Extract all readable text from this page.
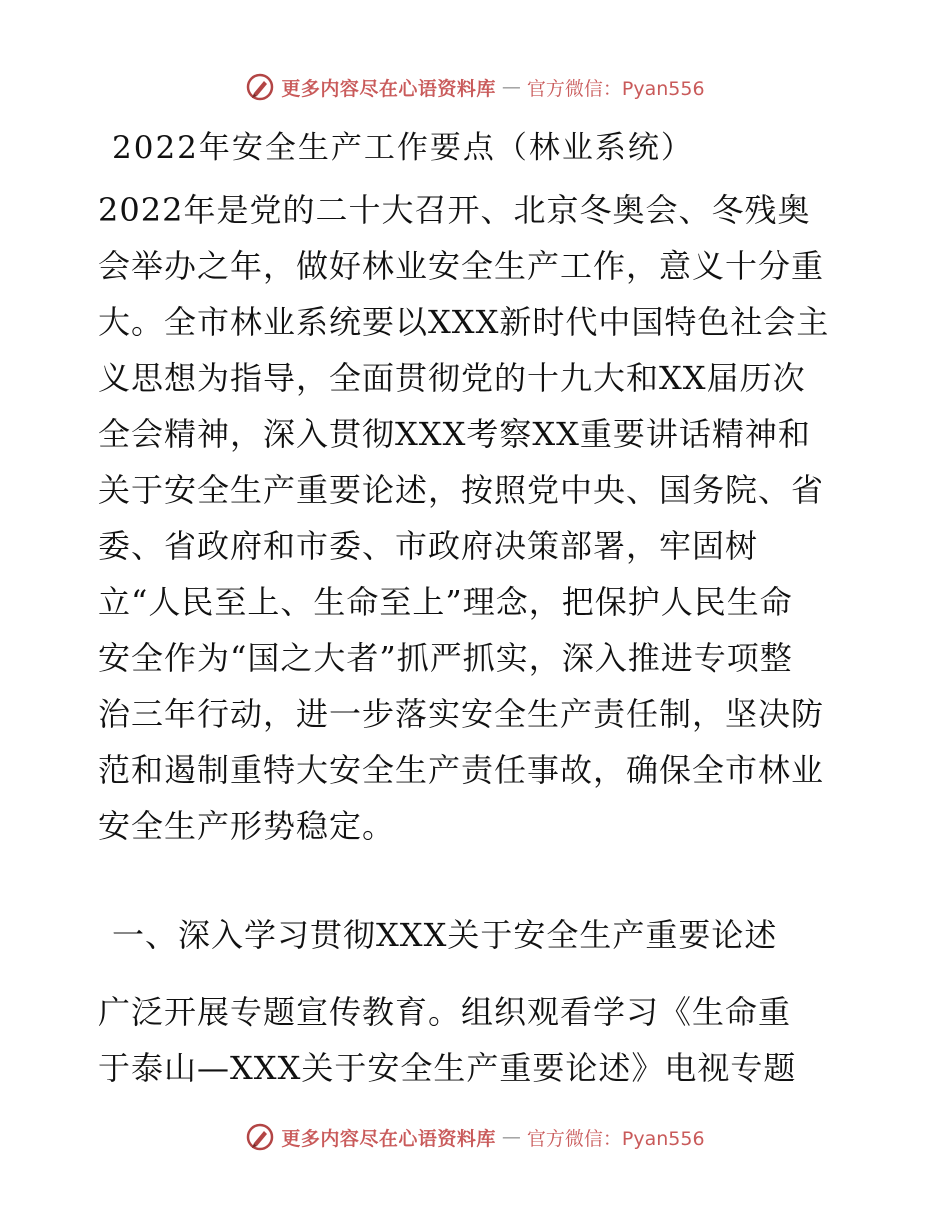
更多内容尽在心语资料库 — 官方微信：Pyan556
2022年安全生产工作要点（林业系统）
2022年是党的二十大召开、北京冬奥会、冬残奥
会举办之年，做好林业安全生产工作，意义十分重
大。全市林业系统要以XXX新时代中国特色社会主
义思想为指导，全面贯彻党的十九大和XX届历次
全会精神，深入贯彻XXX考察XX重要讲话精神和
关于安全生产重要论述，按照党中央、国务院、省
委、省政府和市委、市政府决策部署，牢固树
立“人民至上、生命至上”理念，把保护人民生命
安全作为“国之大者”抓严抓实，深入推进专项整
治三年行动，进一步落实安全生产责任制，坚决防
范和遏制重特大安全生产责任事故，确保全市林业
安全生产形势稳定。
一、深入学习贯彻XXX关于安全生产重要论述
广泛开展专题宣传教育。组织观看学习《生命重
于泰山—XXX关于安全生产重要论述》电视专题
更多内容尽在心语资料库 — 官方微信：Pyan556
